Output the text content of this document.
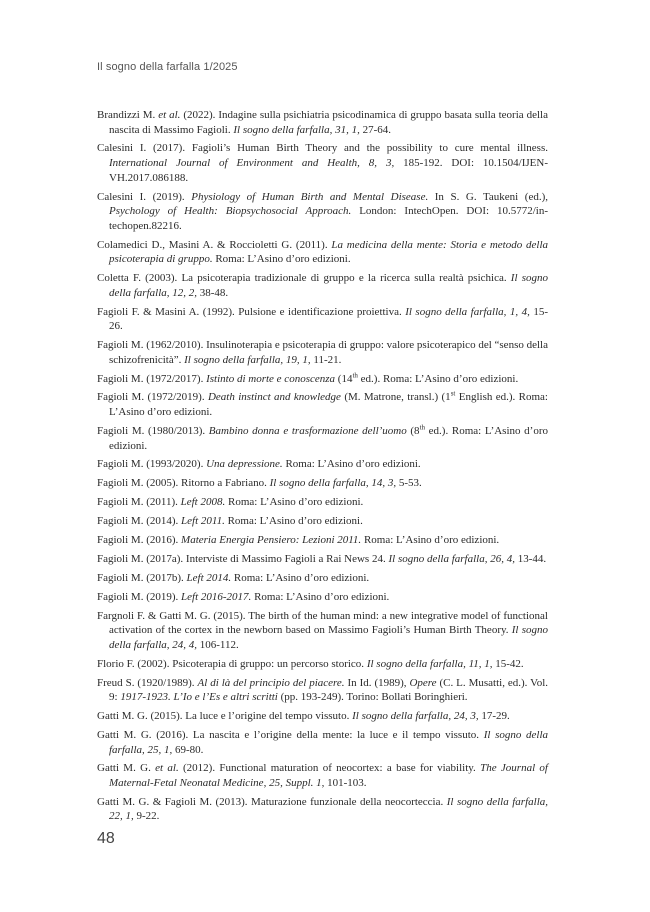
Il sogno della farfalla 1/2025

Brandizzi M. et al. (2022). Indagine sulla psichiatria psicodinamica di gruppo basata sulla teoria della nascita di Massimo Fagioli. Il sogno della farfalla, 31, 1, 27-64.

Calesini I. (2017). Fagioli’s Human Birth Theory and the possibility to cure mental illness. International Journal of Environment and Health, 8, 3, 185-192. DOI: 10.1504/IJEN-VH.2017.086188.

Calesini I. (2019). Physiology of Human Birth and Mental Disease. In S. G. Taukeni (ed.), Psychology of Health: Biopsychosocial Approach. London: IntechOpen. DOI: 10.5772/in-techopen.82216.

Colamedici D., Masini A. & Roccioletti G. (2011). La medicina della mente: Storia e metodo della psicoterapia di gruppo. Roma: L’Asino d’oro edizioni.

Coletta F. (2003). La psicoterapia tradizionale di gruppo e la ricerca sulla realtà psichica. Il sogno della farfalla, 12, 2, 38-48.

Fagioli F. & Masini A. (1992). Pulsione e identificazione proiettiva. Il sogno della farfalla, 1, 4, 15-26.

Fagioli M. (1962/2010). Insulinoterapia e psicoterapia di gruppo: valore psicoterapico del “senso della schizofrenicità”. Il sogno della farfalla, 19, 1, 11-21.

Fagioli M. (1972/2017). Istinto di morte e conoscenza (14th ed.). Roma: L’Asino d’oro edizioni.

Fagioli M. (1972/2019). Death instinct and knowledge (M. Matrone, transl.) (1st English ed.). Roma: L’Asino d’oro edizioni.

Fagioli M. (1980/2013). Bambino donna e trasformazione dell’uomo (8th ed.). Roma: L’Asino d’oro edizioni.

Fagioli M. (1993/2020). Una depressione. Roma: L’Asino d’oro edizioni.

Fagioli M. (2005). Ritorno a Fabriano. Il sogno della farfalla, 14, 3, 5-53.

Fagioli M. (2011). Left 2008. Roma: L’Asino d’oro edizioni.

Fagioli M. (2014). Left 2011. Roma: L’Asino d’oro edizioni.

Fagioli M. (2016). Materia Energia Pensiero: Lezioni 2011. Roma: L’Asino d’oro edizioni.

Fagioli M. (2017a). Interviste di Massimo Fagioli a Rai News 24. Il sogno della farfalla, 26, 4, 13-44.

Fagioli M. (2017b). Left 2014. Roma: L’Asino d’oro edizioni.

Fagioli M. (2019). Left 2016-2017. Roma: L’Asino d’oro edizioni.

Fargnoli F. & Gatti M. G. (2015). The birth of the human mind: a new integrative model of functional activation of the cortex in the newborn based on Massimo Fagioli’s Human Birth Theory. Il sogno della farfalla, 24, 4, 106-112.

Florio F. (2002). Psicoterapia di gruppo: un percorso storico. Il sogno della farfalla, 11, 1, 15-42.

Freud S. (1920/1989). Al di là del principio del piacere. In Id. (1989), Opere (C. L. Musatti, ed.). Vol. 9: 1917-1923. L’Io e l’Es e altri scritti (pp. 193-249). Torino: Bollati Boringhieri.

Gatti M. G. (2015). La luce e l’origine del tempo vissuto. Il sogno della farfalla, 24, 3, 17-29.

Gatti M. G. (2016). La nascita e l’origine della mente: la luce e il tempo vissuto. Il sogno della farfalla, 25, 1, 69-80.

Gatti M. G. et al. (2012). Functional maturation of neocortex: a base for viability. The Journal of Maternal-Fetal Neonatal Medicine, 25, Suppl. 1, 101-103.

Gatti M. G. & Fagioli M. (2013). Maturazione funzionale della neocorteccia. Il sogno della farfalla, 22, 1, 9-22.

48
